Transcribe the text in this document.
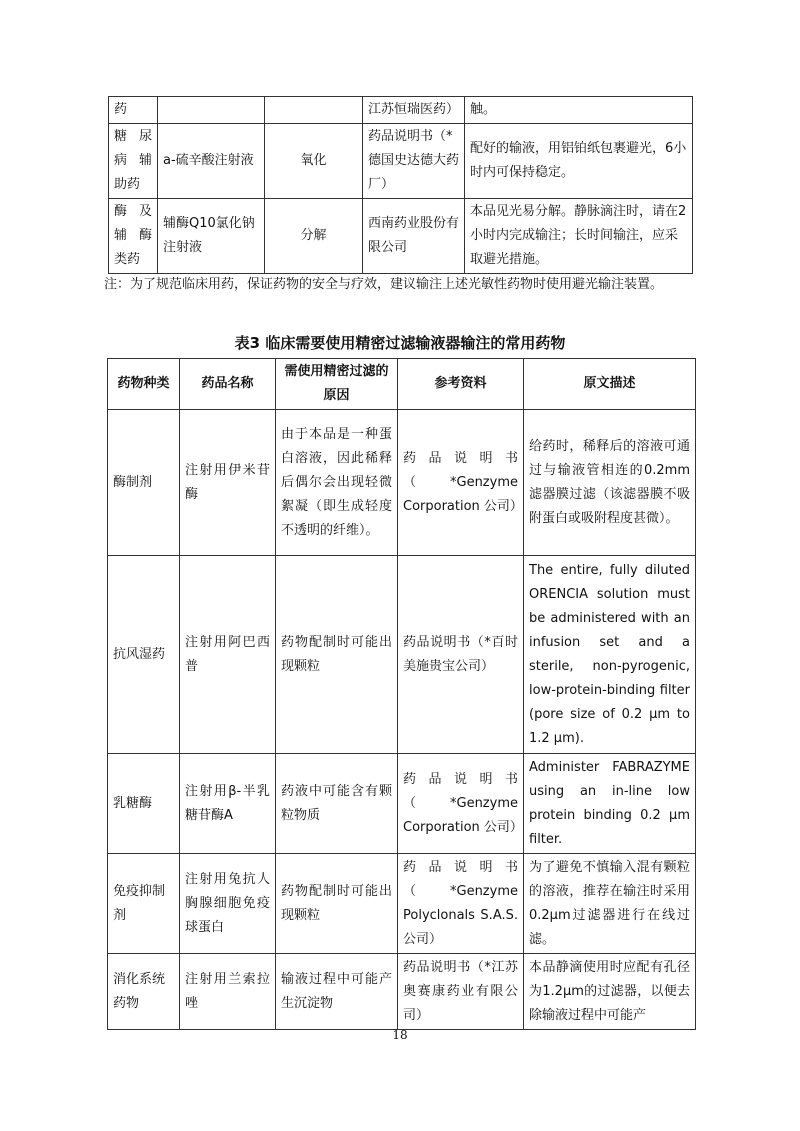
药			江苏恒瑞医药）	触。
糖 尿 病 辅 助药	a-硫辛酸注射液	氧化	药品说明书（*德国史达德大药厂）	配好的输液，用铝铂纸包裹避光，6小时内可保持稳定。
酶 及 辅 酶 类药	辅酶Q10氯化钠注射液	分解	西南药业股份有限公司	本品见光易分解。静脉滴注时，请在2小时内完成输注；长时间输注，应采取避光措施。
注：为了规范临床用药，保证药物的安全与疗效，建议输注上述光敏性药物时使用避光输注装置。
表3 临床需要使用精密过滤输液器输注的常用药物
药物种类	药品名称	需使用精密过滤的原因	参考资料	原文描述
酶制剂	注射用伊米苷酶	由于本品是一种蛋白溶液，因此稀释后偶尔会出现轻微絮凝（即生成轻度不透明的纤维）。	药品说明书（*Genzyme Corporation 公司）	给药时，稀释后的溶液可通过与输液管相连的0.2mm 滤器膜过滤（该滤器膜不吸附蛋白或吸附程度甚微）。
抗风湿药	注射用阿巴西普	药物配制时可能出现颗粒	药品说明书（*百时美施贵宝公司）	The entire, fully diluted ORENCIA solution must be administered with an infusion set and a sterile, non-pyrogenic, low-protein-binding filter (pore size of 0.2 μm to 1.2 μm).
乳糖酶	注射用β-半乳糖苷酶A	药液中可能含有颗粒物质	药品说明书（*Genzyme Corporation 公司）	Administer FABRAZYME using an in-line low protein binding 0.2 μm filter.
免疫抑制剂	注射用兔抗人胸腺细胞免疫球蛋白	药物配制时可能出现颗粒	药品说明书（*Genzyme Polyclonals S.A.S.公司）	为了避免不慎输入混有颗粒的溶液，推荐在输注时采用0.2μm过滤器进行在线过滤。
消化系统药物	注射用兰索拉唑	输液过程中可能产生沉淀物	药品说明书（*江苏奥赛康药业有限公司）	本品静滴使用时应配有孔径为1.2μm的过滤器，以便去除输液过程中可能产
18
